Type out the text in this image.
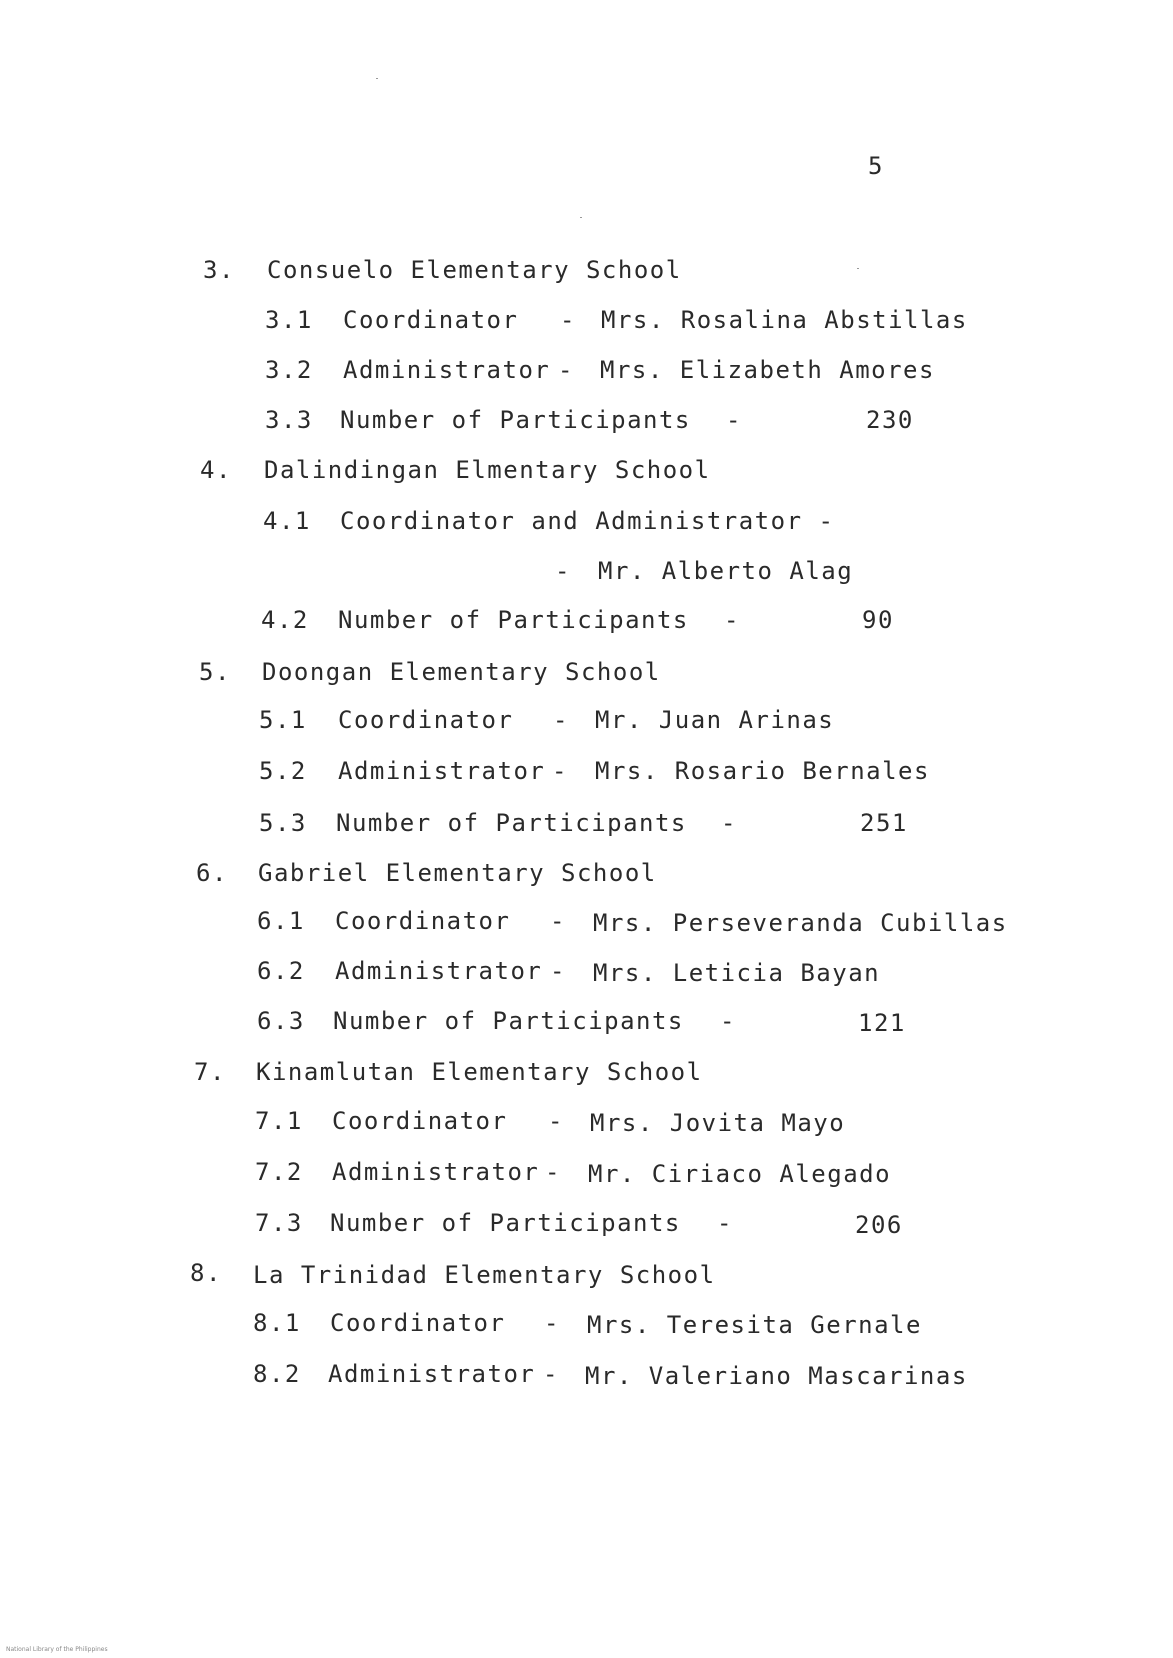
5
3. Consuelo Elementary School
3.1 Coordinator - Mrs. Rosalina Abstillas
3.2 Administrator - Mrs. Elizabeth Amores
3.3 Number of Participants -	230
4. Dalindingan Elmentary School
4.1 Coordinator and Administrator -
- Mr. Alberto Alag
4.2 Number of Participants -	90
5. Doongan Elementary School
5.1 Coordinator - Mr. Juan Arinas
5.2 Administrator - Mrs. Rosario Bernales
5.3 Number of Participants -	251
6. Gabriel Elementary School
6.1 Coordinator - Mrs. Perseveranda Cubillas
6.2 Administrator - Mrs. Leticia Bayan
6.3 Number of Participants -	121
7. Kinamlutan Elementary School
7.1 Coordinator - Mrs. Jovita Mayo
7.2 Administrator - Mr. Ciriaco Alegado
7.3 Number of Participants -	206
8. La Trinidad Elementary School
8.1 Coordinator - Mrs. Teresita Gernale
8.2 Administrator - Mr. Valeriano Mascarinas
National Library of the Philippines
